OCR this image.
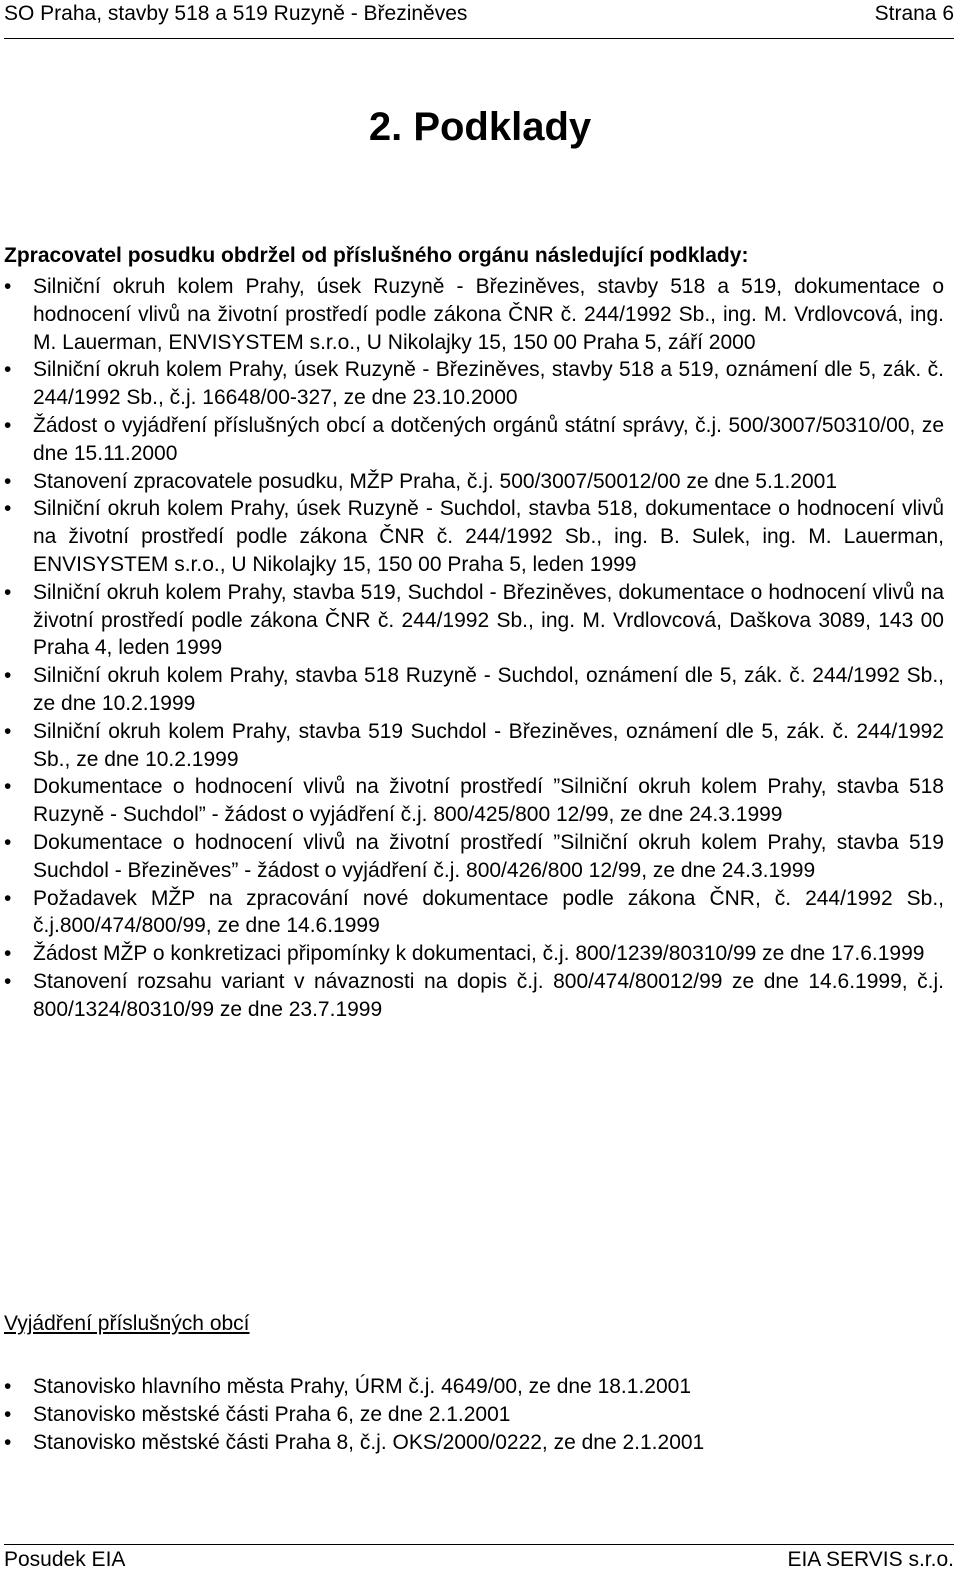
SO Praha, stavby 518 a 519 Ruzyně - Březiněves	Strana 6
2. Podklady

Zpracovatel posudku obdržel od příslušného orgánu následující podklady:

• Silniční okruh kolem Prahy, úsek Ruzyně - Březiněves, stavby 518 a 519, dokumentace o hodnocení vlivů na životní prostředí podle zákona ČNR č. 244/1992 Sb., ing. M. Vrdlovcová, ing. M. Lauerman, ENVISYSTEM s.r.o., U Nikolajky 15, 150 00 Praha 5, září 2000
• Silniční okruh kolem Prahy, úsek Ruzyně - Březiněves, stavby 518 a 519, oznámení dle 5, zák. č. 244/1992 Sb., č.j. 16648/00-327, ze dne 23.10.2000
• Žádost o vyjádření příslušných obcí a dotčených orgánů státní správy, č.j. 500/3007/50310/00, ze dne 15.11.2000
• Stanovení zpracovatele posudku, MŽP Praha, č.j. 500/3007/50012/00 ze dne 5.1.2001
• Silniční okruh kolem Prahy, úsek Ruzyně - Suchdol, stavba 518, dokumentace o hodnocení vlivů na životní prostředí podle zákona ČNR č. 244/1992 Sb., ing. B. Sulek, ing. M. Lauerman, ENVISYSTEM s.r.o., U Nikolajky 15, 150 00 Praha 5, leden 1999
• Silniční okruh kolem Prahy, stavba 519, Suchdol - Březiněves, dokumentace o hodnocení vlivů na životní prostředí podle zákona ČNR č. 244/1992 Sb., ing. M. Vrdlovcová, Daškova 3089, 143 00 Praha 4, leden 1999
• Silniční okruh kolem Prahy, stavba 518 Ruzyně - Suchdol, oznámení dle 5, zák. č. 244/1992 Sb., ze dne 10.2.1999
• Silniční okruh kolem Prahy, stavba 519 Suchdol - Březiněves, oznámení dle 5, zák. č. 244/1992 Sb., ze dne 10.2.1999
• Dokumentace o hodnocení vlivů na životní prostředí ”Silniční okruh kolem Prahy, stavba 518 Ruzyně - Suchdol” - žádost o vyjádření č.j. 800/425/800 12/99, ze dne 24.3.1999
• Dokumentace o hodnocení vlivů na životní prostředí ”Silniční okruh kolem Prahy, stavba 519 Suchdol - Březiněves” - žádost o vyjádření č.j. 800/426/800 12/99, ze dne 24.3.1999
• Požadavek MŽP na zpracování nové dokumentace podle zákona ČNR, č. 244/1992 Sb., č.j.800/474/800/99, ze dne 14.6.1999
• Žádost MŽP o konkretizaci připomínky k dokumentaci, č.j. 800/1239/80310/99 ze dne 17.6.1999
• Stanovení rozsahu variant v návaznosti na dopis č.j. 800/474/80012/99 ze dne 14.6.1999, č.j. 800/1324/80310/99 ze dne 23.7.1999
Vyjádření příslušných obcí
• Stanovisko hlavního města Prahy, ÚRM č.j. 4649/00, ze dne 18.1.2001
• Stanovisko městské části Praha 6, ze dne 2.1.2001
• Stanovisko městské části Praha 8, č.j. OKS/2000/0222, ze dne 2.1.2001
Posudek EIA	EIA SERVIS s.r.o.
